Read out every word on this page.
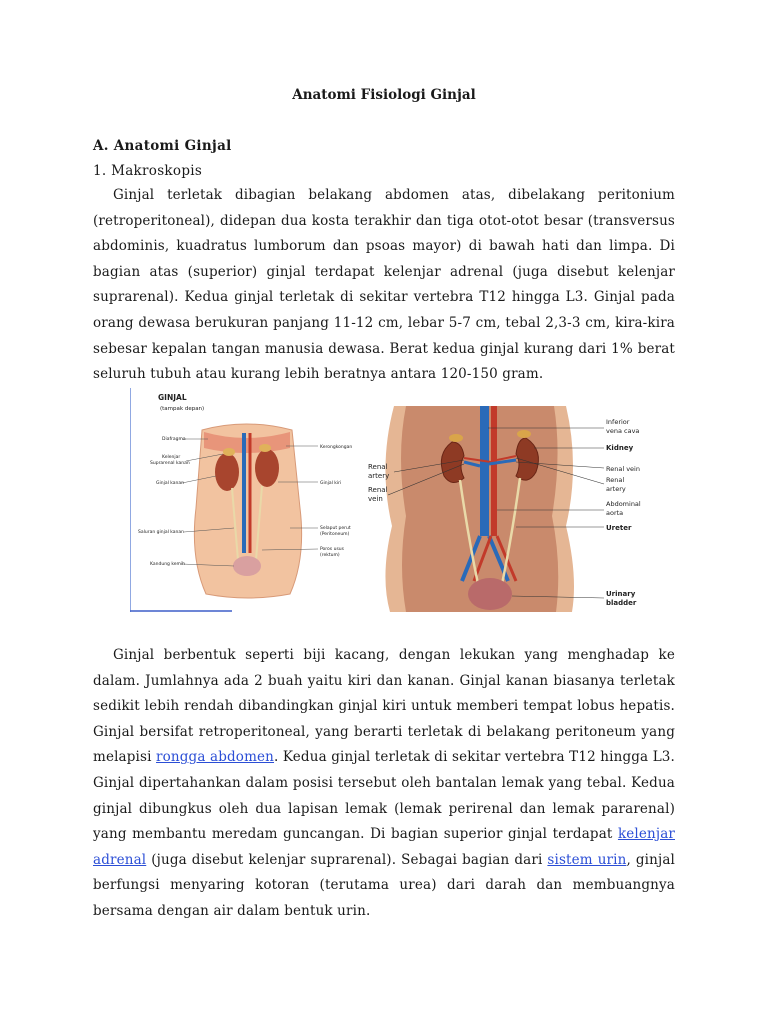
Anatomi Fisiologi Ginjal
A. Anatomi Ginjal
1. Makroskopis

Ginjal terletak dibagian belakang abdomen atas, dibelakang peritonium (retroperitoneal), didepan dua kosta terakhir dan tiga otot-otot besar (transversus abdominis, kuadratus lumborum dan psoas mayor) di bawah hati dan limpa. Di bagian atas (superior) ginjal terdapat kelenjar adrenal (juga disebut kelenjar suprarenal). Kedua ginjal terletak di sekitar vertebra T12 hingga L3. Ginjal pada orang dewasa berukuran panjang 11-12 cm, lebar 5-7 cm, tebal 2,3-3 cm, kira-kira sebesar kepalan tangan manusia dewasa. Berat kedua ginjal kurang dari 1% berat seluruh tubuh atau kurang lebih beratnya antara 120-150 gram.

GINJAL
(tampak depan)
Diafragma
Kelenjar
Suprarenal kanan
Ginjal kanan
Saluran ginjal kanan
Kandung kemih
Kerongkongan
Ginjal kiri
Selaput perut
(Peritoneum)
Poros usus
(rektum)
Renal
artery
Renal
vein
Inferior
vena cava
Kidney
Renal vein
Renal
artery
Abdominal
aorta
Ureter
Urinary
bladder

Ginjal berbentuk seperti biji kacang, dengan lekukan yang menghadap ke dalam. Jumlahnya ada 2 buah yaitu kiri dan kanan. Ginjal kanan biasanya terletak sedikit lebih rendah dibandingkan ginjal kiri untuk memberi tempat lobus hepatis. Ginjal bersifat retroperitoneal, yang berarti terletak di belakang peritoneum yang melapisi rongga abdomen. Kedua ginjal terletak di sekitar vertebra T12 hingga L3. Ginjal dipertahankan dalam posisi tersebut oleh bantalan lemak yang tebal. Kedua ginjal dibungkus oleh dua lapisan lemak (lemak perirenal dan lemak pararenal) yang membantu meredam guncangan. Di bagian superior ginjal terdapat kelenjar adrenal (juga disebut kelenjar suprarenal). Sebagai bagian dari sistem urin, ginjal berfungsi menyaring kotoran (terutama urea) dari darah dan membuangnya bersama dengan air dalam bentuk urin.
